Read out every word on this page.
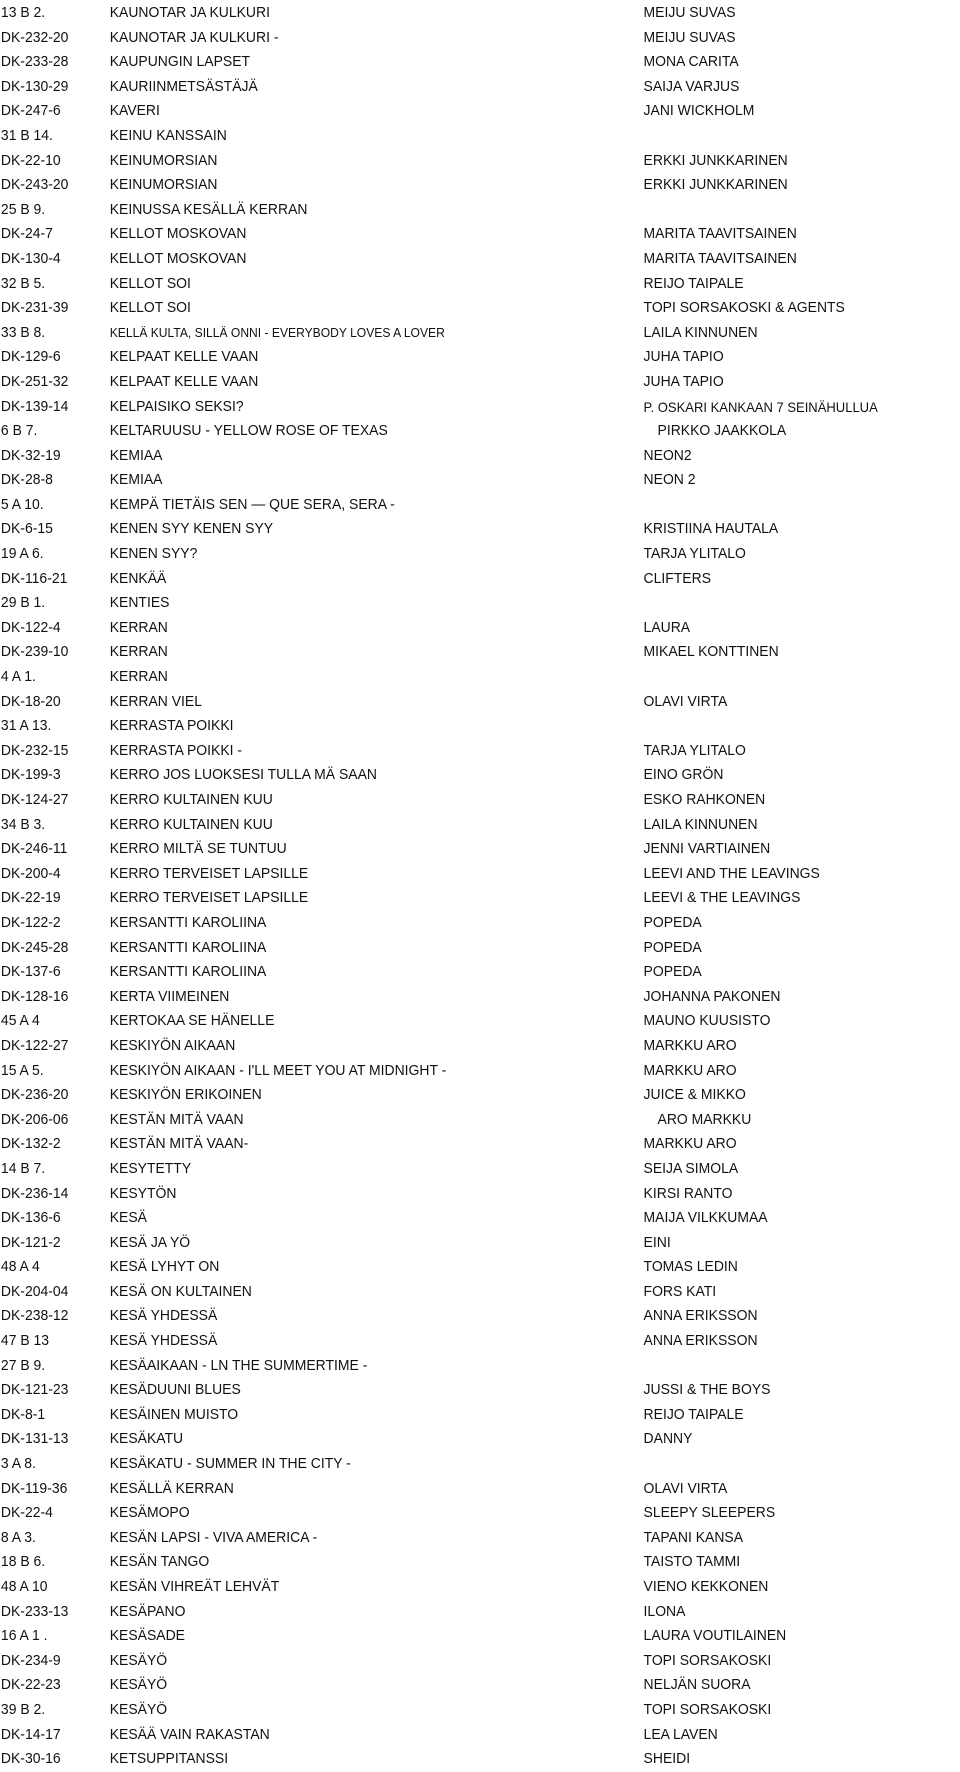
13 B 2.	KAUNOTAR JA KULKURI	MEIJU SUVAS
DK-232-20	KAUNOTAR JA KULKURI -	MEIJU SUVAS
DK-233-28	KAUPUNGIN LAPSET	MONA CARITA
DK-130-29	KAURIINMETSÄSTÄJÄ	SAIJA VARJUS
DK-247-6	KAVERI	JANI WICKHOLM
31 B 14.	KEINU KANSSAIN
DK-22-10	KEINUMORSIAN	ERKKI JUNKKARINEN
DK-243-20	KEINUMORSIAN	ERKKI JUNKKARINEN
25 B 9.	KEINUSSA KESÄLLÄ KERRAN
DK-24-7	KELLOT MOSKOVAN	MARITA TAAVITSAINEN
DK-130-4	KELLOT MOSKOVAN	MARITA TAAVITSAINEN
32 B 5.	KELLOT SOI	REIJO TAIPALE
DK-231-39	KELLOT SOI	TOPI SORSAKOSKI & AGENTS
33 B 8.	KELLÄ KULTA, SILLÄ ONNI - EVERYBODY LOVES A LOVER	LAILA KINNUNEN
DK-129-6	KELPAAT KELLE VAAN	JUHA TAPIO
DK-251-32	KELPAAT KELLE VAAN	JUHA TAPIO
DK-139-14	KELPAISIKO SEKSI?	P. OSKARI KANKAAN 7 SEINÄHULLUA
6 B 7.	KELTARUUSU - YELLOW ROSE OF TEXAS	PIRKKO JAAKKOLA
DK-32-19	KEMIAA	NEON2
DK-28-8	KEMIAA	NEON 2
5 A 10.	KEMPÄ TIETÄIS SEN — QUE SERA, SERA -
DK-6-15	KENEN SYY KENEN SYY	KRISTIINA HAUTALA
19 A 6.	KENEN SYY?	TARJA YLITALO
DK-116-21	KENKÄÄ	CLIFTERS
29 B 1.	KENTIES
DK-122-4	KERRAN	LAURA
DK-239-10	KERRAN	MIKAEL KONTTINEN
4 A 1.	KERRAN
DK-18-20	KERRAN VIEL	OLAVI VIRTA
31 A 13.	KERRASTA POIKKI
DK-232-15	KERRASTA POIKKI -	TARJA YLITALO
DK-199-3	KERRO JOS LUOKSESI TULLA MÄ SAAN	EINO GRÖN
DK-124-27	KERRO KULTAINEN KUU	ESKO RAHKONEN
34 B 3.	KERRO KULTAINEN KUU	LAILA KINNUNEN
DK-246-11	KERRO MILTÄ SE TUNTUU	JENNI VARTIAINEN
DK-200-4	KERRO TERVEISET LAPSILLE	LEEVI AND THE LEAVINGS
DK-22-19	KERRO TERVEISET LAPSILLE	LEEVI & THE LEAVINGS
DK-122-2	KERSANTTI KAROLIINA	POPEDA
DK-245-28	KERSANTTI KAROLIINA	POPEDA
DK-137-6	KERSANTTI KAROLIINA	POPEDA
DK-128-16	KERTA VIIMEINEN	JOHANNA PAKONEN
45 A 4	KERTOKAA SE HÄNELLE	MAUNO KUUSISTO
DK-122-27	KESKIYÖN AIKAAN	MARKKU ARO
15 A 5.	KESKIYÖN AIKAAN - I'LL MEET YOU AT MIDNIGHT -	MARKKU ARO
DK-236-20	KESKIYÖN ERIKOINEN	JUICE & MIKKO
DK-206-06	KESTÄN MITÄ VAAN	ARO MARKKU
DK-132-2	KESTÄN MITÄ VAAN-	MARKKU ARO
14 B 7.	KESYTETTY	SEIJA SIMOLA
DK-236-14	KESYTÖN	KIRSI RANTO
DK-136-6	KESÄ	MAIJA VILKKUMAA
DK-121-2	KESÄ JA YÖ	EINI
48 A 4	KESÄ LYHYT ON	TOMAS LEDIN
DK-204-04	KESÄ ON KULTAINEN	FORS KATI
DK-238-12	KESÄ YHDESSÄ	ANNA ERIKSSON
47 B 13	KESÄ YHDESSÄ	ANNA ERIKSSON
27 B 9.	KESÄAIKAAN - LN THE SUMMERTIME -
DK-121-23	KESÄDUUNI BLUES	JUSSI & THE BOYS
DK-8-1	KESÄINEN MUISTO	REIJO TAIPALE
DK-131-13	KESÄKATU	DANNY
3 A 8.	KESÄKATU - SUMMER IN THE CITY -
DK-119-36	KESÄLLÄ KERRAN	OLAVI VIRTA
DK-22-4	KESÄMOPO	SLEEPY SLEEPERS
8 A 3.	KESÄN LAPSI - VIVA AMERICA -	TAPANI KANSA
18 B 6.	KESÄN TANGO	TAISTO TAMMI
48 A 10	KESÄN VIHREÄT LEHVÄT	VIENO KEKKONEN
DK-233-13	KESÄPANO	ILONA
16 A 1 .	KESÄSADE	LAURA VOUTILAINEN
DK-234-9	KESÄYÖ	TOPI SORSAKOSKI
DK-22-23	KESÄYÖ	NELJÄN SUORA
39 B 2.	KESÄYÖ	TOPI SORSAKOSKI
DK-14-17	KESÄÄ VAIN RAKASTAN	LEA LAVEN
DK-30-16	KETSUPPITANSSI	SHEIDI
